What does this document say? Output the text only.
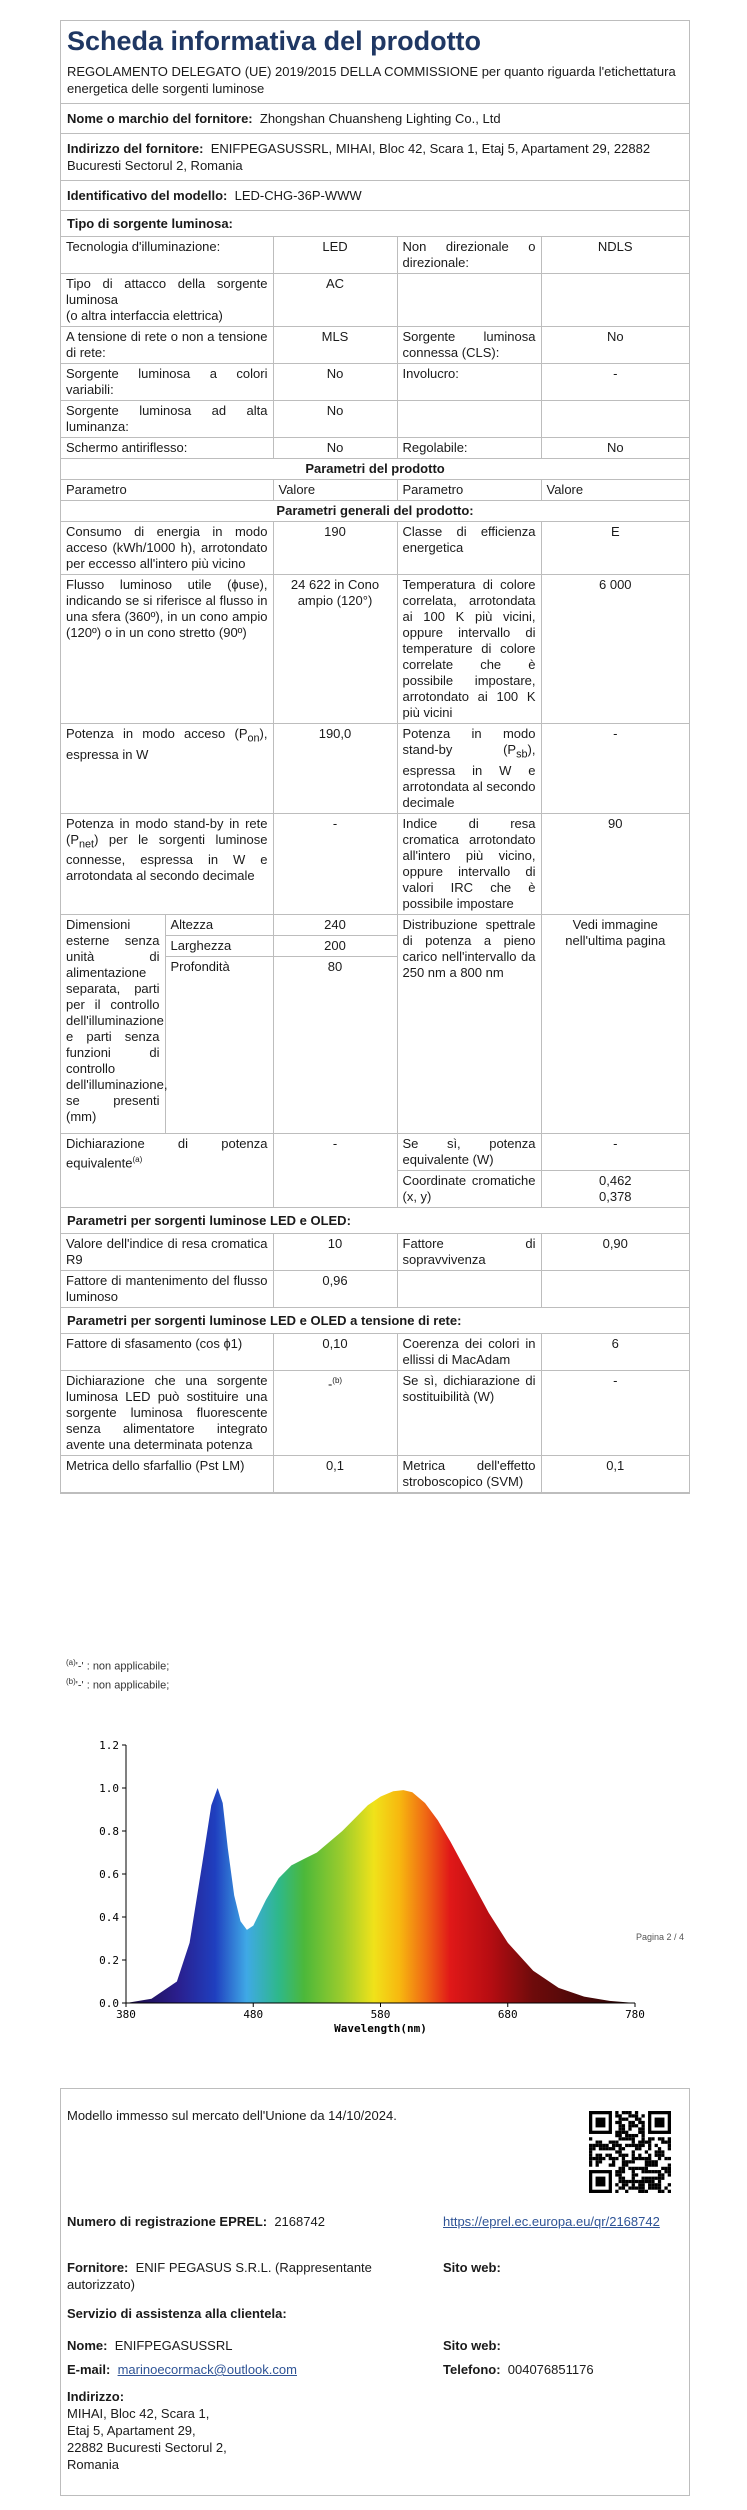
Scheda informativa del prodotto
REGOLAMENTO DELEGATO (UE) 2019/2015 DELLA COMMISSIONE per quanto riguarda l'etichettatura energetica delle sorgenti luminose
Nome o marchio del fornitore: Zhongshan Chuansheng Lighting Co., Ltd
Indirizzo del fornitore: ENIFPEGASUSSRL, MIHAI, Bloc 42, Scara 1, Etaj 5, Apartament 29, 22882 Bucuresti Sectorul 2, Romania
Identificativo del modello: LED-CHG-36P-WWW
Tipo di sorgente luminosa:
Tecnologia d'illuminazione:	LED	Non direzionale o direzionale:	NDLS
Tipo di attacco della sorgente luminosa
(o altra interfaccia elettrica)	AC		
A tensione di rete o non a tensione di rete:	MLS	Sorgente luminosa connessa (CLS):	No
Sorgente luminosa a colori variabili:	No	Involucro:	-
Sorgente luminosa ad alta luminanza:	No		
Schermo antiriflesso:	No	Regolabile:	No
Parametri del prodotto				
Parametro		Valore	Parametro	Valore
Parametri generali del prodotto:				
Consumo di energia in modo acceso (kWh/1000 h), arrotondato per eccesso all'intero più vicino		190	Classe di efficienza energetica	E
Flusso luminoso utile (ɸuse), indicando se si riferisce al flusso in una sfera (360º), in un cono ampio (120º) o in un cono stretto (90º)		24 622 in Cono ampio (120°)	Temperatura di colore correlata, arrotondata ai 100 K più vicini, oppure intervallo di temperature di colore correlate che è possibile impostare, arrotondato ai 100 K più vicini	6 000
Potenza in modo acceso $(P_{on})$, espressa in W		190,0	Potenza in modo stand-by $(P_{sb})$, espressa in W e arrotondata al secondo decimale	-
Potenza in modo stand-by in rete $(P_{net})$ per le sorgenti luminose connesse, espressa in W e arrotondata al secondo decimale		-	Indice di resa cromatica arrotondato all'intero più vicino, oppure intervallo di valori IRC che è possibile impostare	90
Dimensioni esterne senza unità di alimentazione separata, parti per il controllo dell'illuminazione e parti senza funzioni di controllo dell'illuminazione, se presenti (mm)	Altezza	240	Distribuzione spettrale di potenza a pieno carico nell'intervallo da 250 nm a 800 nm	Vedi immagine nell'ultima pagina
	Larghezza	200		
	Profondità	80		

Dichiarazione di potenza equivalente$^{(a)}$		-	Se sì, potenza equivalente (W)	-
			Coordinate cromatiche (x, y)	0,462
0,378
Parametri per sorgenti luminose LED e OLED:
Valore dell'indice di resa cromatica R9	10	Fattore di sopravvivenza	0,90
Fattore di mantenimento del flusso luminoso	0,96		
Parametri per sorgenti luminose LED e OLED a tensione di rete:
Fattore di sfasamento (cos ɸ1)	0,10	Coerenza dei colori in ellissi di MacAdam	6
Dichiarazione che una sorgente luminosa LED può sostituire una sorgente luminosa fluorescente senza alimentatore integrato avente una determinata potenza	-$^{(b)}$	Se sì, dichiarazione di sostituibilità (W)	-
Metrica dello sfarfallio (Pst LM)	0,1	Metrica dell'effetto stroboscopico (SVM)	0,1
$^{(a)}$'-' : non applicabile;
$^{(b)}$'-' : non applicabile;
0.0
0.2
0.4
0.6
0.8
1.0
1.2
380	480	580	680	780
Wavelength(nm)
Pagina 2 / 4
Modello immesso sul mercato dell'Unione da 14/10/2024.
Numero di registrazione EPREL: 2168742	https://eprel.ec.europa.eu/qr/2168742
Fornitore: ENIF PEGASUS S.R.L. (Rappresentante autorizzato)
Sito web:
Servizio di assistenza alla clientela:
Nome: ENIFPEGASUSSRL	Sito web:
E-mail: marinoecormack@outlook.com	Telefono: 004076851176
Indirizzo:
MIHAI, Bloc 42, Scara 1,
Etaj 5, Apartament 29,
22882 Bucuresti Sectorul 2,
Romania
